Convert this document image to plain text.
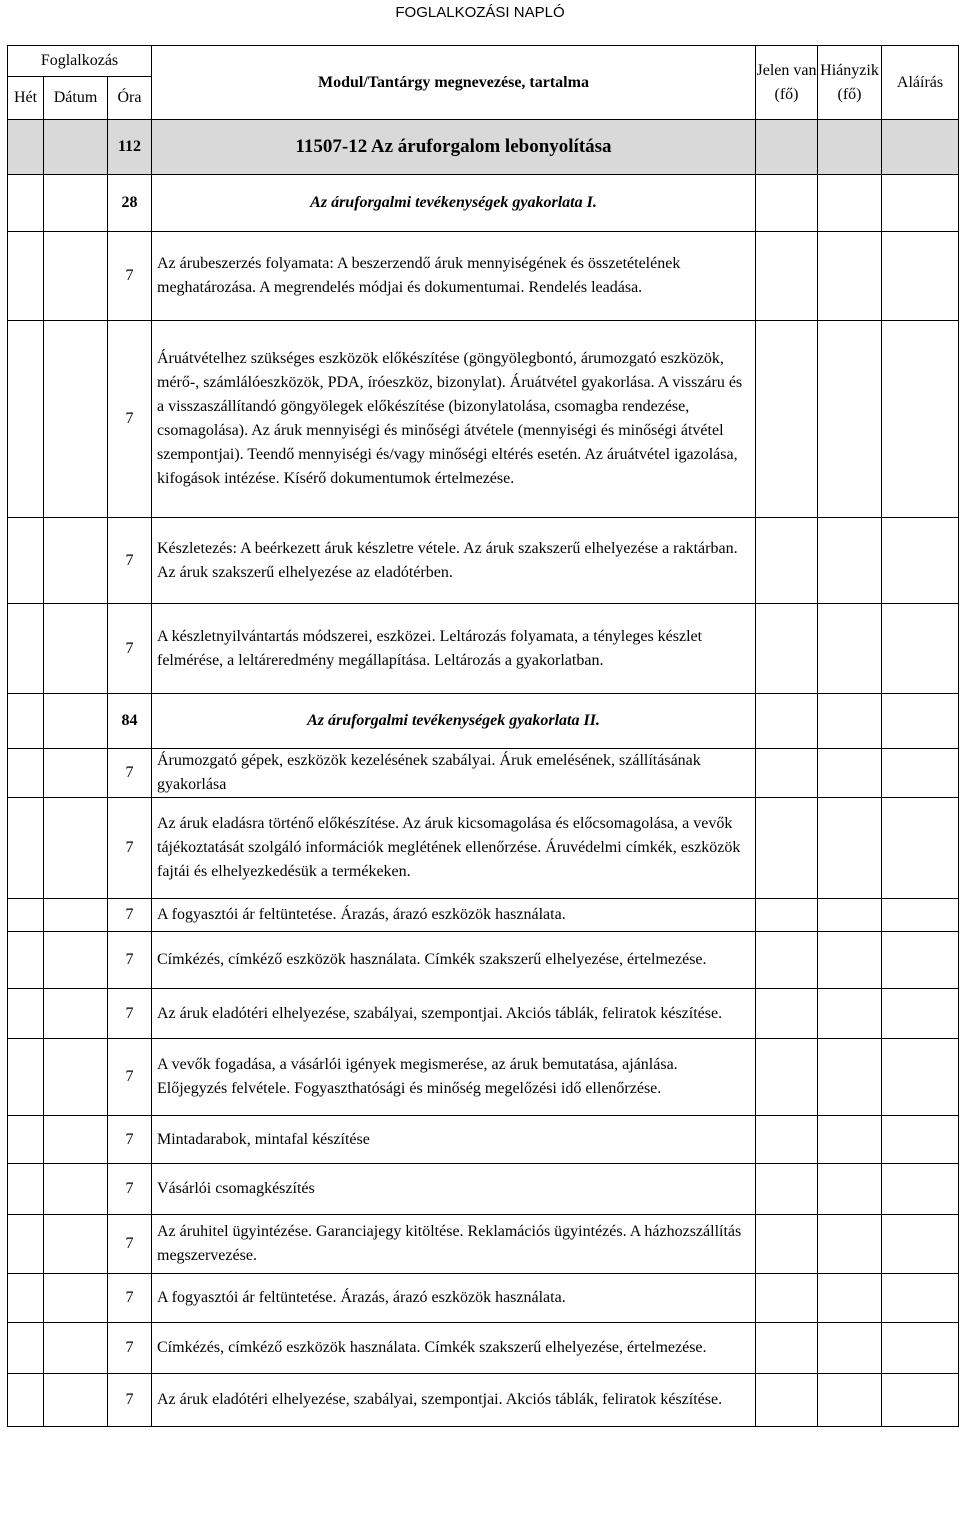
FOGLALKOZÁSI NAPLÓ
Foglalkozás			Modul/Tantárgy megnevezése, tartalma	Jelen van (fő)	Hiányzik (fő)	Aláírás
Hét	Dátum	Óra				
		112	11507-12 Az áruforgalom lebonyolítása			
		28	Az áruforgalmi tevékenységek gyakorlata I.			
		7	Az árubeszerzés folyamata: A beszerzendő áruk mennyiségének és összetételének meghatározása. A megrendelés módjai és dokumentumai. Rendelés leadása.			
		7	Áruátvételhez szükséges eszközök előkészítése (göngyölegbontó, árumozgató eszközök, mérő-, számlálóeszközök, PDA, íróeszköz, bizonylat). Áruátvétel gyakorlása. A visszáru és a visszaszállítandó göngyölegek előkészítése (bizonylatolása, csomagba rendezése, csomagolása). Az áruk mennyiségi és minőségi átvétele (mennyiségi és minőségi átvétel szempontjai). Teendő mennyiségi és/vagy minőségi eltérés esetén. Az áruátvétel igazolása, kifogások intézése. Kísérő dokumentumok értelmezése.			
		7	Készletezés: A beérkezett áruk készletre vétele. Az áruk szakszerű elhelyezése a raktárban. Az áruk szakszerű elhelyezése az eladótérben.			
		7	A készletnyilvántartás módszerei, eszközei. Leltározás folyamata, a tényleges készlet felmérése, a leltáreredmény megállapítása. Leltározás a gyakorlatban.			
		84	Az áruforgalmi tevékenységek gyakorlata II.			
		7	Árumozgató gépek, eszközök kezelésének szabályai. Áruk emelésének, szállításának gyakorlása			
		7	Az áruk eladásra történő előkészítése. Az áruk kicsomagolása és előcsomagolása, a vevők tájékoztatását szolgáló információk meglétének ellenőrzése. Áruvédelmi címkék, eszközök fajtái és elhelyezkedésük a termékeken.			
		7	A fogyasztói ár feltüntetése. Árazás, árazó eszközök használata.			
		7	Címkézés, címkéző eszközök használata. Címkék szakszerű elhelyezése, értelmezése.			
		7	Az áruk eladótéri elhelyezése, szabályai, szempontjai. Akciós táblák, feliratok készítése.			
		7	A vevők fogadása, a vásárlói igények megismerése, az áruk bemutatása, ajánlása. Előjegyzés felvétele. Fogyaszthatósági és minőség megelőzési idő ellenőrzése.			
		7	Mintadarabok, mintafal készítése			
		7	Vásárlói csomagkészítés			
		7	Az áruhitel ügyintézése. Garanciajegy kitöltése. Reklamációs ügyintézés. A házhozszállítás megszervezése.			
		7	A fogyasztói ár feltüntetése. Árazás, árazó eszközök használata.			
		7	Címkézés, címkéző eszközök használata. Címkék szakszerű elhelyezése, értelmezése.			
		7	Az áruk eladótéri elhelyezése, szabályai, szempontjai. Akciós táblák, feliratok készítése.			
